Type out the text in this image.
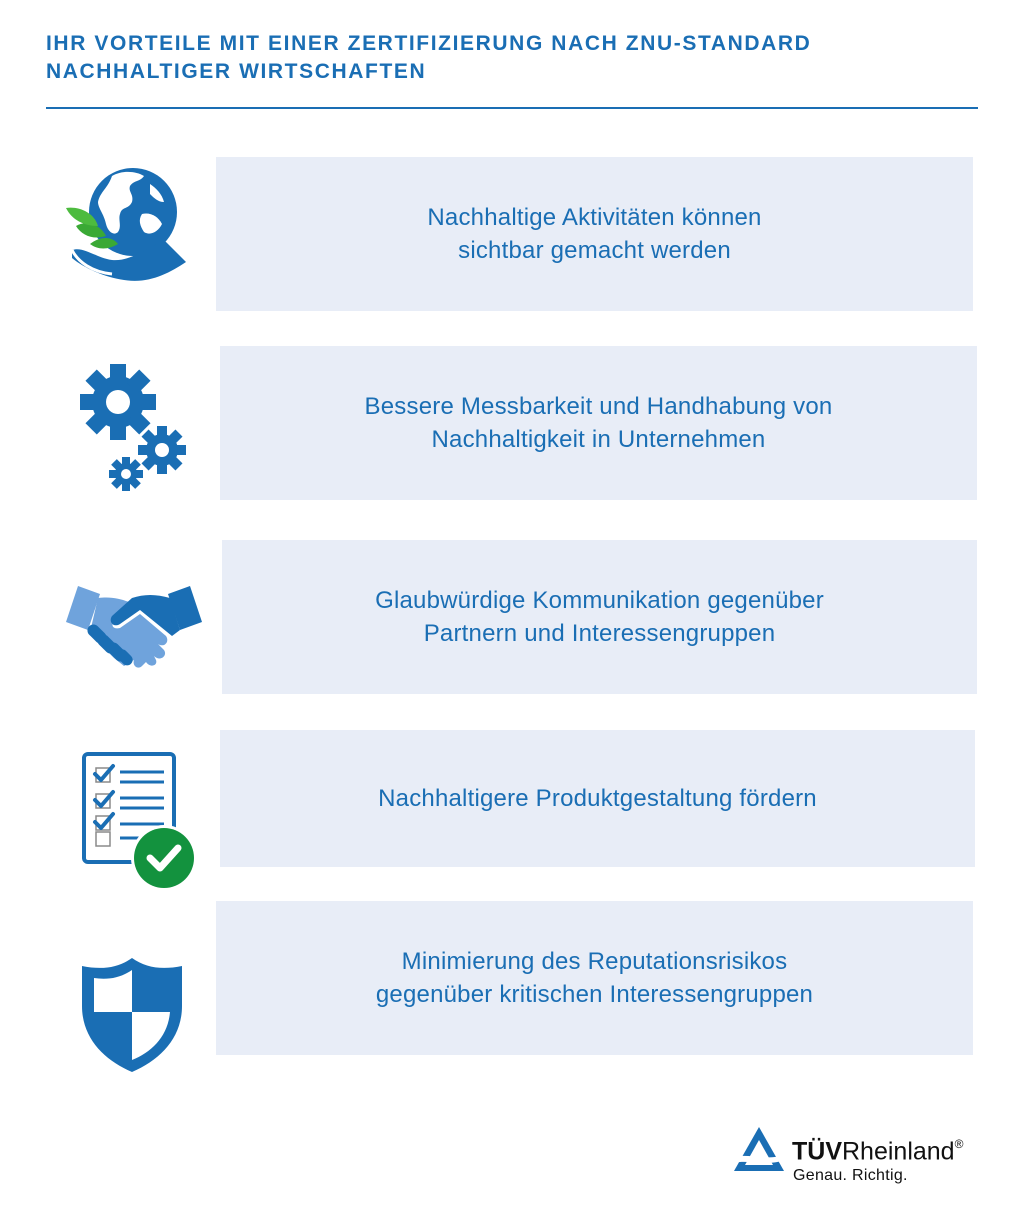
IHR VORTEILE MIT EINER ZERTIFIZIERUNG NACH ZNU-STANDARD
NACHHALTIGER WIRTSCHAFTEN
Nachhaltige Aktivitäten können
sichtbar gemacht werden
Bessere Messbarkeit und Handhabung von
Nachhaltigkeit in Unternehmen
Glaubwürdige Kommunikation gegenüber
Partnern und Interessengruppen
Nachhaltigere Produktgestaltung fördern
Minimierung des Reputationsrisikos
gegenüber kritischen Interessengruppen
TÜVRheinland®
Genau. Richtig.
